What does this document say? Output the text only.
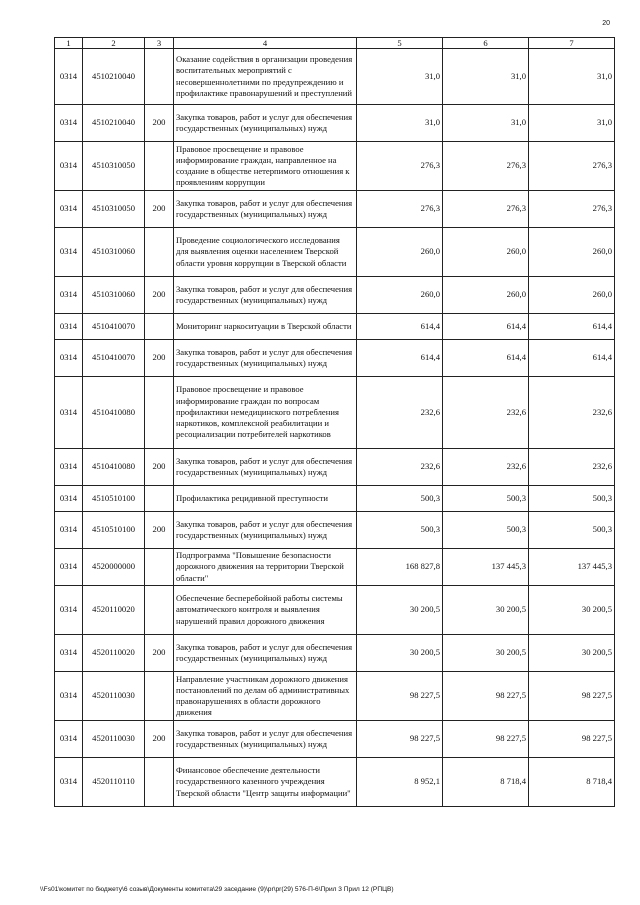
20
1	2	3	4	5	6	7
0314	4510210040		Оказание содействия в организации проведения воспитательных мероприятий с несовершеннолетними по предупреждению и профилактике правонарушений и преступлений	31,0	31,0	31,0
0314	4510210040	200	Закупка товаров, работ и услуг для обеспечения государственных (муниципальных) нужд	31,0	31,0	31,0
0314	4510310050		Правовое просвещение и правовое информирование граждан, направленное на создание в обществе нетерпимого отношения к проявлениям коррупции	276,3	276,3	276,3
0314	4510310050	200	Закупка товаров, работ и услуг для обеспечения государственных (муниципальных) нужд	276,3	276,3	276,3
0314	4510310060		Проведение социологического исследования для выявления оценки населением Тверской области уровня коррупции в Тверской области	260,0	260,0	260,0
0314	4510310060	200	Закупка товаров, работ и услуг для обеспечения государственных (муниципальных) нужд	260,0	260,0	260,0
0314	4510410070		Мониторинг наркоситуации в Тверской области	614,4	614,4	614,4
0314	4510410070	200	Закупка товаров, работ и услуг для обеспечения государственных (муниципальных) нужд	614,4	614,4	614,4
0314	4510410080		Правовое просвещение и правовое информирование граждан по вопросам профилактики немедицинского потребления наркотиков, комплексной реабилитации и ресоциализации потребителей наркотиков	232,6	232,6	232,6
0314	4510410080	200	Закупка товаров, работ и услуг для обеспечения государственных (муниципальных) нужд	232,6	232,6	232,6
0314	4510510100		Профилактика рецидивной преступности	500,3	500,3	500,3
0314	4510510100	200	Закупка товаров, работ и услуг для обеспечения государственных (муниципальных) нужд	500,3	500,3	500,3
0314	4520000000		Подпрограмма "Повышение безопасности дорожного движения на территории Тверской области"	168 827,8	137 445,3	137 445,3
0314	4520110020		Обеспечение бесперебойной работы системы автоматического контроля и выявления нарушений правил дорожного движения	30 200,5	30 200,5	30 200,5
0314	4520110020	200	Закупка товаров, работ и услуг для обеспечения государственных (муниципальных) нужд	30 200,5	30 200,5	30 200,5
0314	4520110030		Направление участникам дорожного движения постановлений по делам об административных правонарушениях в области дорожного движения	98 227,5	98 227,5	98 227,5
0314	4520110030	200	Закупка товаров, работ и услуг для обеспечения государственных (муниципальных) нужд	98 227,5	98 227,5	98 227,5
0314	4520110110		Финансовое обеспечение деятельности государственного казенного учреждения Тверской области "Центр защиты информации"	8 952,1	8 718,4	8 718,4
\\Fs01\комитет по бюджету\6 созыв\Документы комитета\29 заседание (9)\pr\pr(29) 576-П-6\Прил 3 Прил 12 (РПЦВ)
